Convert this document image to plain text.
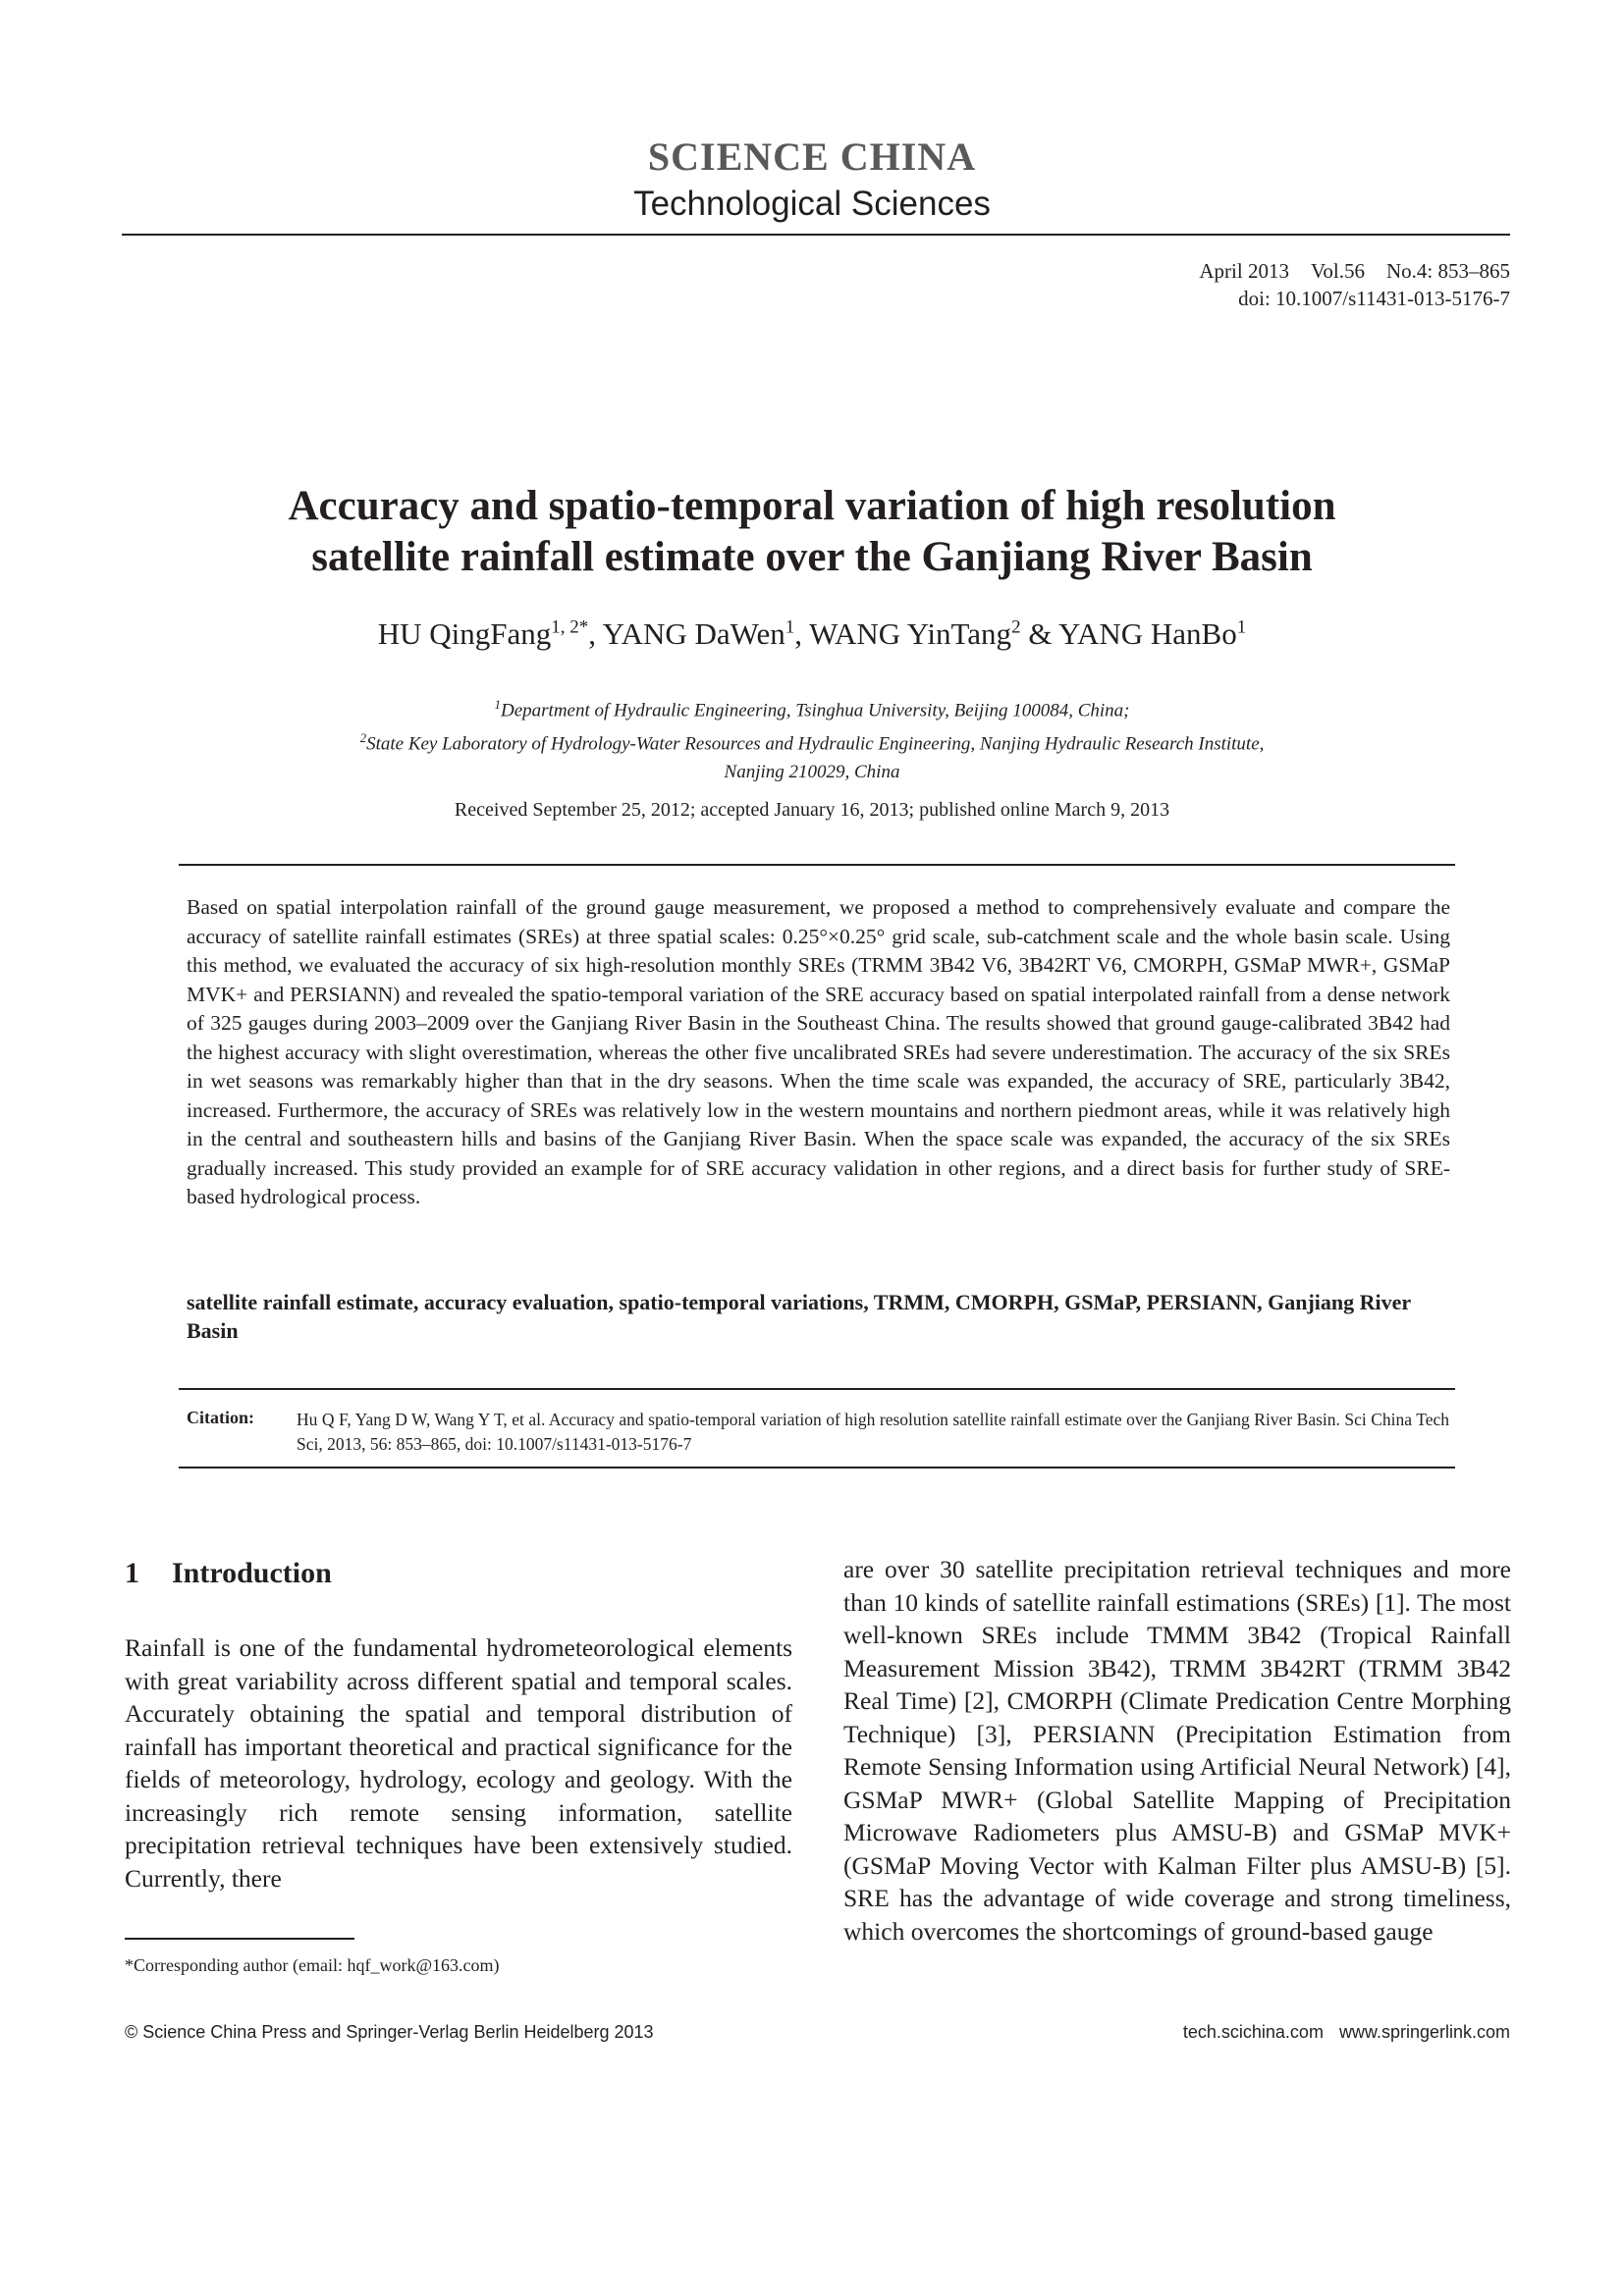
SCIENCE CHINA
Technological Sciences
April 2013 Vol.56 No.4: 853–865
doi: 10.1007/s11431-013-5176-7
Accuracy and spatio-temporal variation of high resolution
satellite rainfall estimate over the Ganjiang River Basin
HU QingFang$^{1, 2*}$, YANG DaWen$^1$, WANG YinTang$^2$ & YANG HanBo$^1$
$^1$Department of Hydraulic Engineering, Tsinghua University, Beijing 100084, China;
$^2$State Key Laboratory of Hydrology-Water Resources and Hydraulic Engineering, Nanjing Hydraulic Research Institute,
Nanjing 210029, China
Received September 25, 2012; accepted January 16, 2013; published online March 9, 2013
Based on spatial interpolation rainfall of the ground gauge measurement, we proposed a method to comprehensively evaluate and compare the accuracy of satellite rainfall estimates (SREs) at three spatial scales: 0.25°×0.25° grid scale, sub-catchment scale and the whole basin scale. Using this method, we evaluated the accuracy of six high-resolution monthly SREs (TRMM 3B42 V6, 3B42RT V6, CMORPH, GSMaP MWR+, GSMaP MVK+ and PERSIANN) and revealed the spatio-temporal variation of the SRE accuracy based on spatial interpolated rainfall from a dense network of 325 gauges during 2003–2009 over the Ganjiang River Basin in the Southeast China. The results showed that ground gauge-calibrated 3B42 had the highest accuracy with slight overestimation, whereas the other five uncalibrated SREs had severe underestimation. The accuracy of the six SREs in wet seasons was remarkably higher than that in the dry seasons. When the time scale was expanded, the accuracy of SRE, particularly 3B42, increased. Furthermore, the accuracy of SREs was relatively low in the western mountains and northern piedmont areas, while it was relatively high in the central and southeastern hills and basins of the Ganjiang River Basin. When the space scale was expanded, the accuracy of the six SREs gradually increased. This study provided an example for of SRE accuracy validation in other regions, and a direct basis for further study of SRE-based hydrological process.
satellite rainfall estimate, accuracy evaluation, spatio-temporal variations, TRMM, CMORPH, GSMaP, PERSIANN, Ganjiang River Basin
Citation: Hu Q F, Yang D W, Wang Y T, et al. Accuracy and spatio-temporal variation of high resolution satellite rainfall estimate over the Ganjiang River Basin. Sci China Tech Sci, 2013, 56: 853–865, doi: 10.1007/s11431-013-5176-7
1 Introduction
Rainfall is one of the fundamental hydrometeorological elements with great variability across different spatial and temporal scales. Accurately obtaining the spatial and temporal distribution of rainfall has important theoretical and practical significance for the fields of meteorology, hydrology, ecology and geology. With the increasingly rich remote sensing information, satellite precipitation retrieval techniques have been extensively studied. Currently, there
are over 30 satellite precipitation retrieval techniques and more than 10 kinds of satellite rainfall estimations (SREs) [1]. The most well-known SREs include TMMM 3B42 (Tropical Rainfall Measurement Mission 3B42), TRMM 3B42RT (TRMM 3B42 Real Time) [2], CMORPH (Climate Predication Centre Morphing Technique) [3], PERSIANN (Precipitation Estimation from Remote Sensing Information using Artificial Neural Network) [4], GSMaP MWR+ (Global Satellite Mapping of Precipitation Microwave Radiometers plus AMSU-B) and GSMaP MVK+ (GSMaP Moving Vector with Kalman Filter plus AMSU-B) [5]. SRE has the advantage of wide coverage and strong timeliness, which overcomes the shortcomings of ground-based gauge
*Corresponding author (email: hqf_work@163.com)
© Science China Press and Springer-Verlag Berlin Heidelberg 2013	tech.scichina.com www.springerlink.com
